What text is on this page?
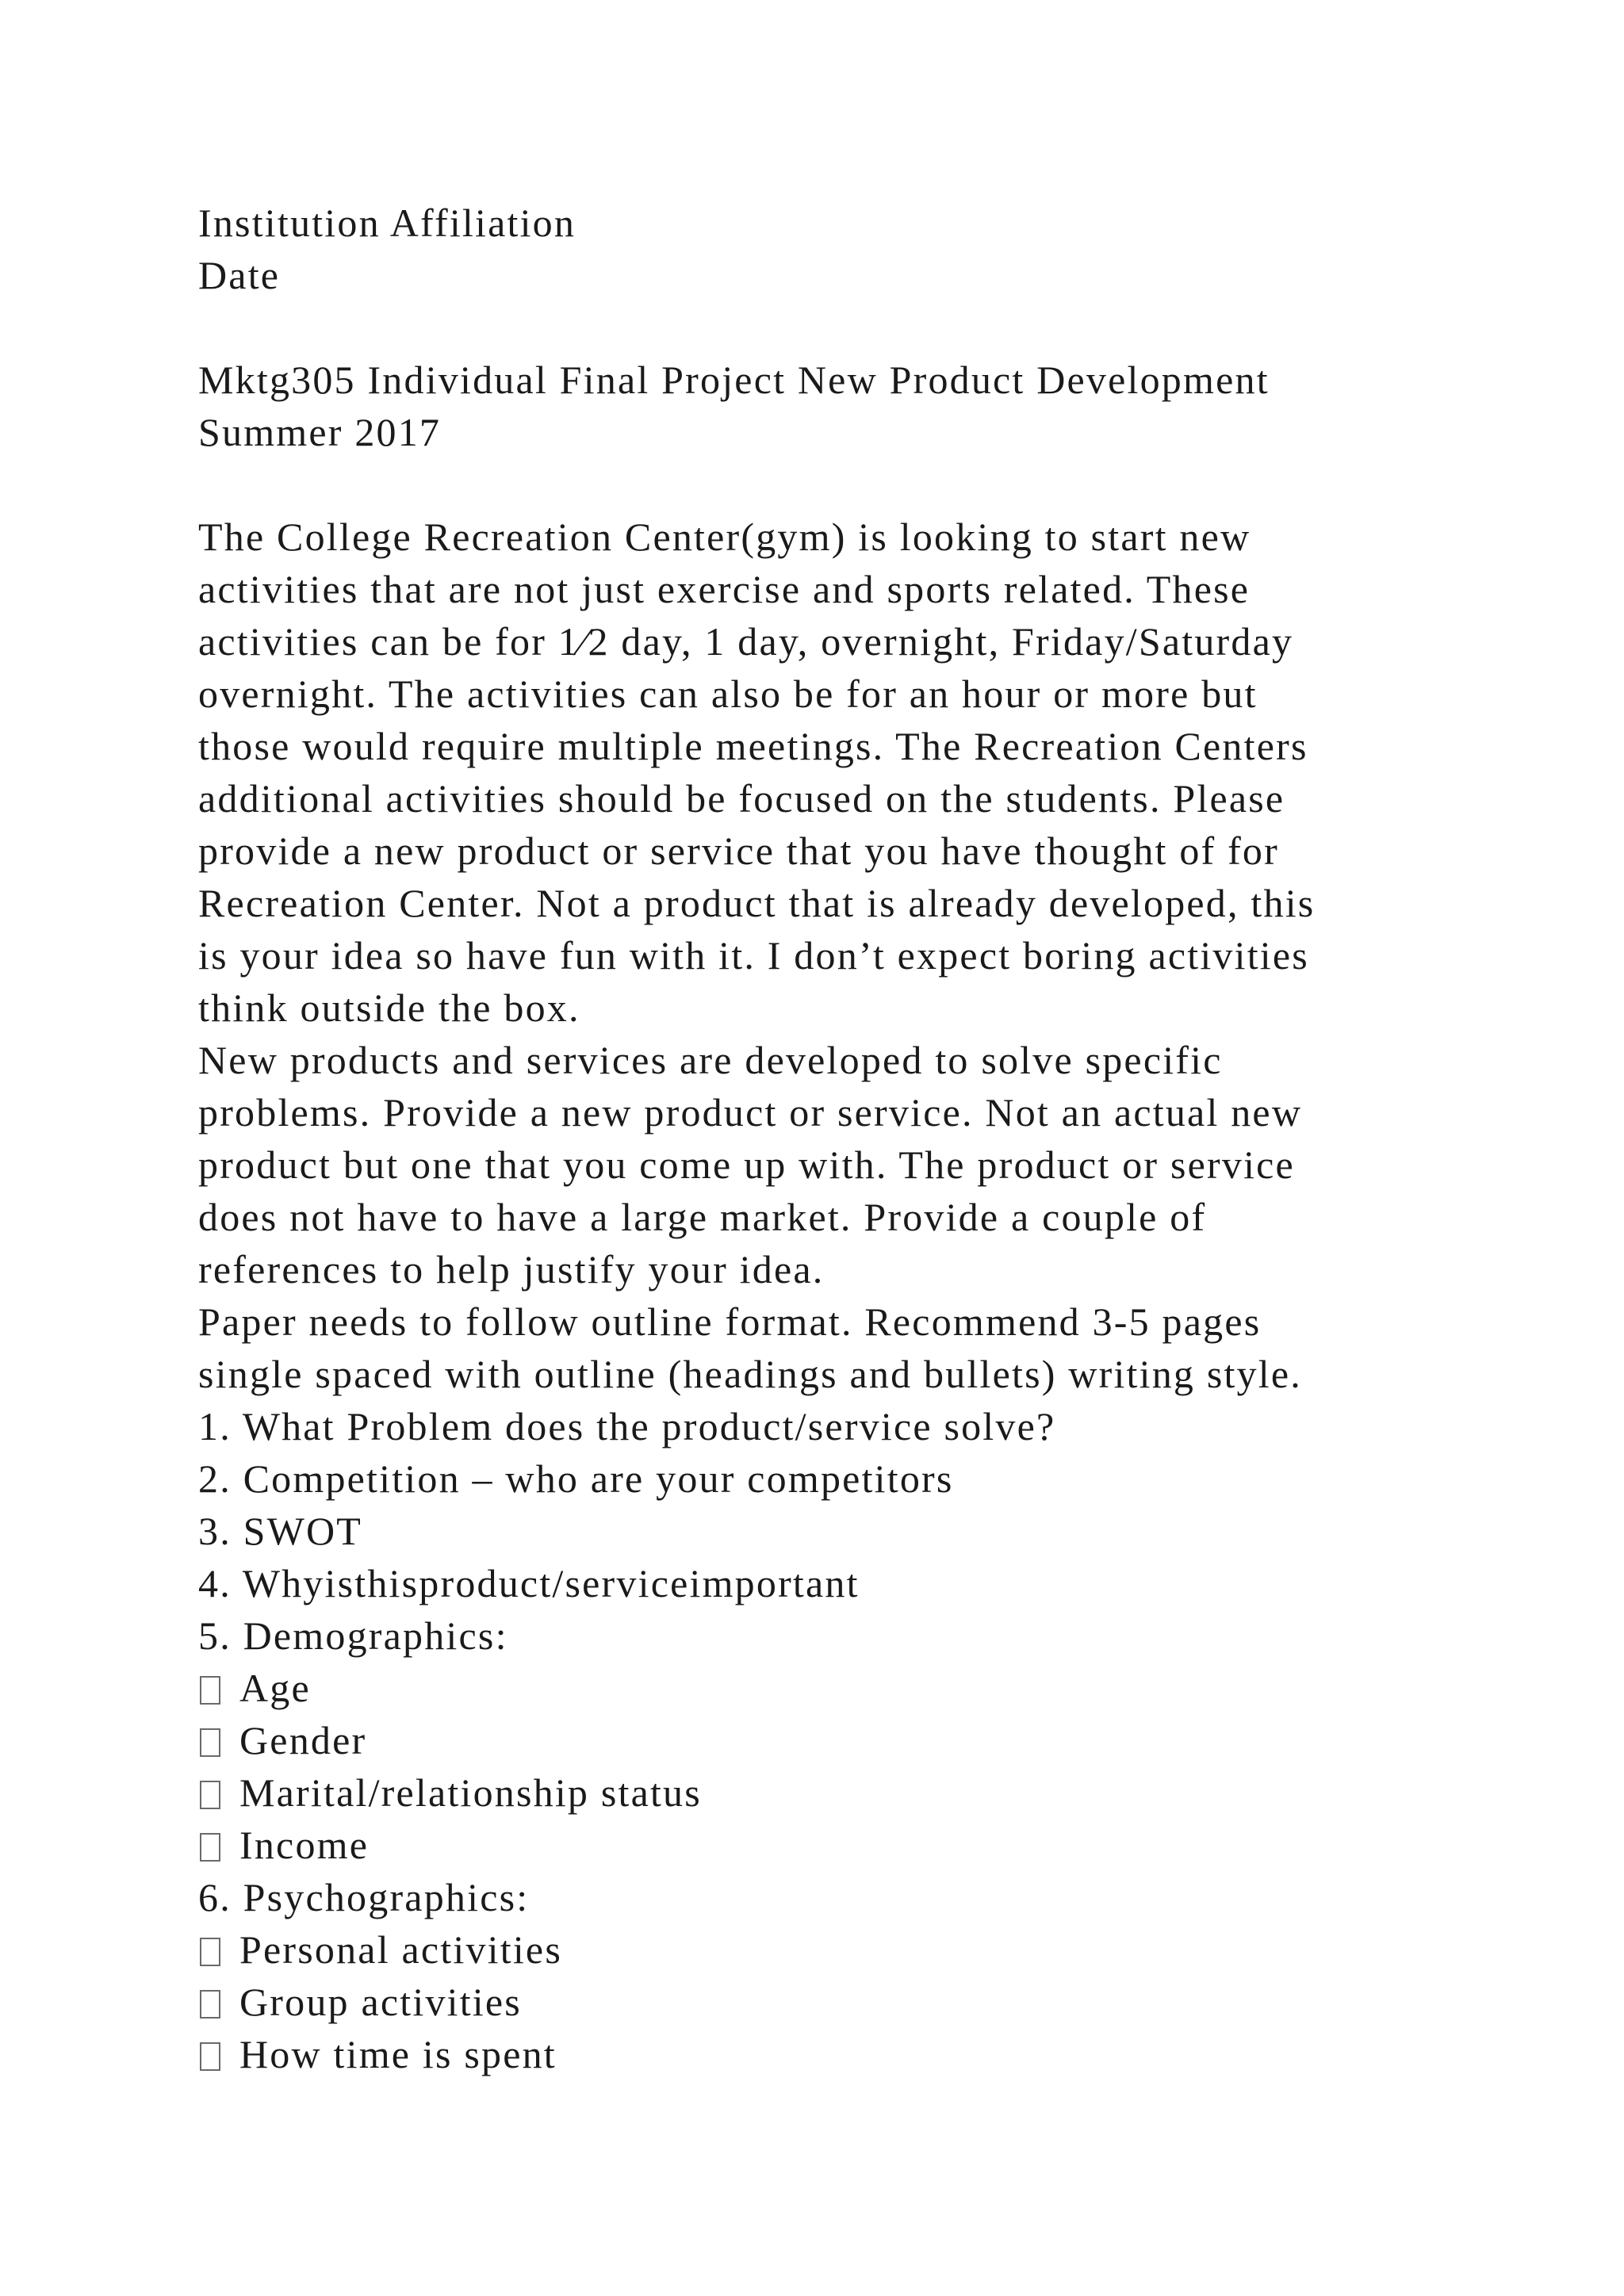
Institution Affiliation
Date
Mktg305 Individual Final Project New Product Development
Summer 2017
The College Recreation Center(gym) is looking to start new
activities that are not just exercise and sports related. These
activities can be for 1⁄2 day, 1 day, overnight, Friday/Saturday
overnight. The activities can also be for an hour or more but
those would require multiple meetings. The Recreation Centers
additional activities should be focused on the students. Please
provide a new product or service that you have thought of for
Recreation Center. Not a product that is already developed, this
is your idea so have fun with it. I don’t expect boring activities
think outside the box.
New products and services are developed to solve specific
problems. Provide a new product or service. Not an actual new
product but one that you come up with. The product or service
does not have to have a large market. Provide a couple of
references to help justify your idea.
Paper needs to follow outline format. Recommend 3-5 pages
single spaced with outline (headings and bullets) writing style.
1. What Problem does the product/service solve?
2. Competition – who are your competitors
3. SWOT
4. Whyisthisproduct/serviceimportant
5. Demographics:
Age
Gender
Marital/relationship status
Income
6. Psychographics:
Personal activities
Group activities
How time is spent
